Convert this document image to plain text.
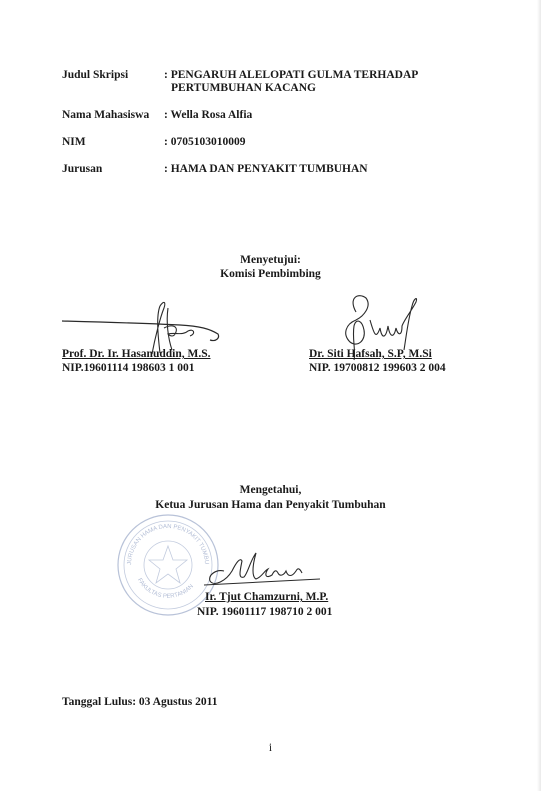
Judul Skripsi	: PENGARUH ALELOPATI GULMA TERHADAP
PERTUMBUHAN KACANG
Nama Mahasiswa : Wella Rosa Alfia
NIM	: 0705103010009
Jurusan	: HAMA DAN PENYAKIT TUMBUHAN
Menyetujui:
Komisi Pembimbing
Prof. Dr. Ir. Hasanuddin, M.S.
NIP.19601114 198603 1 001
Dr. Siti Hafsah, S.P, M.Si
NIP. 19700812 199603 2 004
Mengetahui,
Ketua Jurusan Hama dan Penyakit Tumbuhan
JURUSAN HAMA DAN PENYAKIT TUMBUHAN
FAKULTAS PERTANIAN
Ir. Tjut Chamzurni, M.P.
NIP. 19601117 198710 2 001
Tanggal Lulus: 03 Agustus 2011
i
